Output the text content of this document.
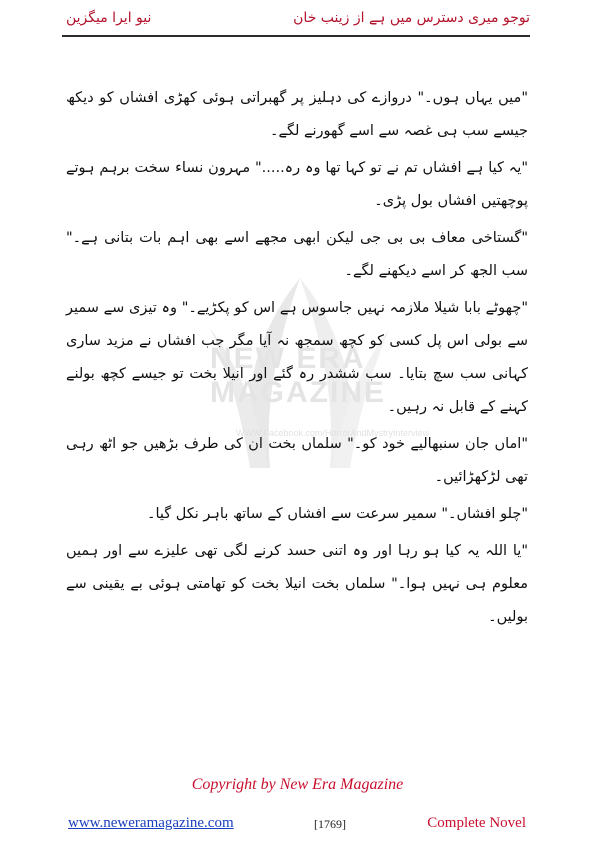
توجو میری دسترس میں ہے از زینب خان
نیو ایرا میگزین
NEW ERA MAGAZINE
WWW.Facebook.com/HorrorAndMystryInterview

"میں یہاں ہوں۔" دروازے کی دہلیز پر گھبراتی ہوئی کھڑی افشاں کو دیکھ جیسے سب ہی غصہ سے اسے گھورنے لگے۔

"یہ کیا ہے افشاں تم نے تو کہا تھا وہ رہ....." مہرون نساء سخت برہم ہوتے پوچھتیں افشاں بول پڑی۔

"گستاخی معاف بی بی جی لیکن ابھی مجھے اسے بھی اہم بات بتانی ہے۔" سب الجھ کر اسے دیکھنے لگے۔

"چھوٹے بابا شیلا ملازمہ نہیں جاسوس ہے اس کو پکڑیے۔" وہ تیزی سے سمیر سے بولی اس پل کسی کو کچھ سمجھ نہ آیا مگر جب افشاں نے مزید ساری کہانی سب سچ بتایا۔ سب ششدر رہ گئے اور انیلا بخت تو جیسے کچھ بولنے کہنے کے قابل نہ رہیں۔

"اماں جان سنبھالیے خود کو۔" سلماں بخت ان کی طرف بڑھیں جو اٹھ رہی تھی لڑکھڑائیں۔

"چلو افشاں۔" سمیر سرعت سے افشاں کے ساتھ باہر نکل گیا۔

"یا اللہ یہ کیا ہو رہا اور وہ اتنی حسد کرنے لگی تھی علیزے سے اور ہمیں معلوم ہی نہیں ہوا۔" سلماں بخت انیلا بخت کو تھامتی ہوئی بے یقینی سے بولیں۔

Copyright by New Era Magazine
www.neweramagazine.com	[1769]	Complete Novel
